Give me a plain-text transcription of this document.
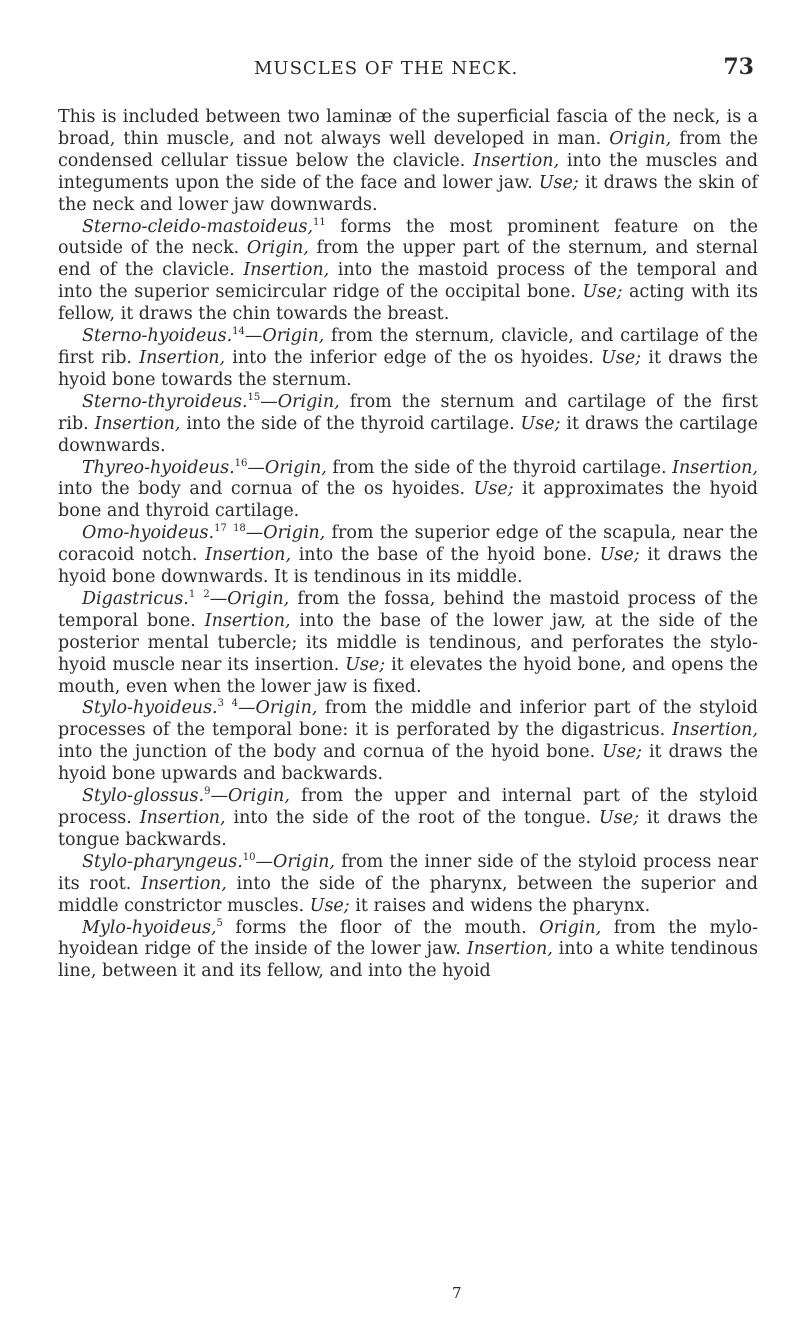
MUSCLES OF THE NECK.	73

This is included between two laminæ of the superficial fascia of the neck, is a broad, thin muscle, and not always well developed in man. Origin, from the condensed cellular tissue below the clavicle. Insertion, into the muscles and integuments upon the side of the face and lower jaw. Use; it draws the skin of the neck and lower jaw downwards.

Sterno-cleido-mastoideus,$^{11}$ forms the most prominent feature on the outside of the neck. Origin, from the upper part of the sternum, and sternal end of the clavicle. Insertion, into the mastoid process of the temporal and into the superior semicircular ridge of the occipital bone. Use; acting with its fellow, it draws the chin towards the breast.

Sterno-hyoideus.$^{14}$—Origin, from the sternum, clavicle, and cartilage of the first rib. Insertion, into the inferior edge of the os hyoides. Use; it draws the hyoid bone towards the sternum.

Sterno-thyroideus.$^{15}$—Origin, from the sternum and cartilage of the first rib. Insertion, into the side of the thyroid cartilage. Use; it draws the cartilage downwards.

Thyreo-hyoideus.$^{16}$—Origin, from the side of the thyroid cartilage. Insertion, into the body and cornua of the os hyoides. Use; it approximates the hyoid bone and thyroid cartilage.

Omo-hyoideus.$^{17}$ $^{18}$—Origin, from the superior edge of the scapula, near the coracoid notch. Insertion, into the base of the hyoid bone. Use; it draws the hyoid bone downwards. It is tendinous in its middle.

Digastricus.$^1$ $^2$—Origin, from the fossa, behind the mastoid process of the temporal bone. Insertion, into the base of the lower jaw, at the side of the posterior mental tubercle; its middle is tendinous, and perforates the stylo-hyoid muscle near its insertion. Use; it elevates the hyoid bone, and opens the mouth, even when the lower jaw is fixed.

Stylo-hyoideus.$^3$ $^4$—Origin, from the middle and inferior part of the styloid processes of the temporal bone: it is perforated by the digastricus. Insertion, into the junction of the body and cornua of the hyoid bone. Use; it draws the hyoid bone upwards and backwards.

Stylo-glossus.$^9$—Origin, from the upper and internal part of the styloid process. Insertion, into the side of the root of the tongue. Use; it draws the tongue backwards.

Stylo-pharyngeus.$^{10}$—Origin, from the inner side of the styloid process near its root. Insertion, into the side of the pharynx, between the superior and middle constrictor muscles. Use; it raises and widens the pharynx.

Mylo-hyoideus,$^5$ forms the floor of the mouth. Origin, from the mylo-hyoidean ridge of the inside of the lower jaw. Insertion, into a white tendinous line, between it and its fellow, and into the hyoid

7
